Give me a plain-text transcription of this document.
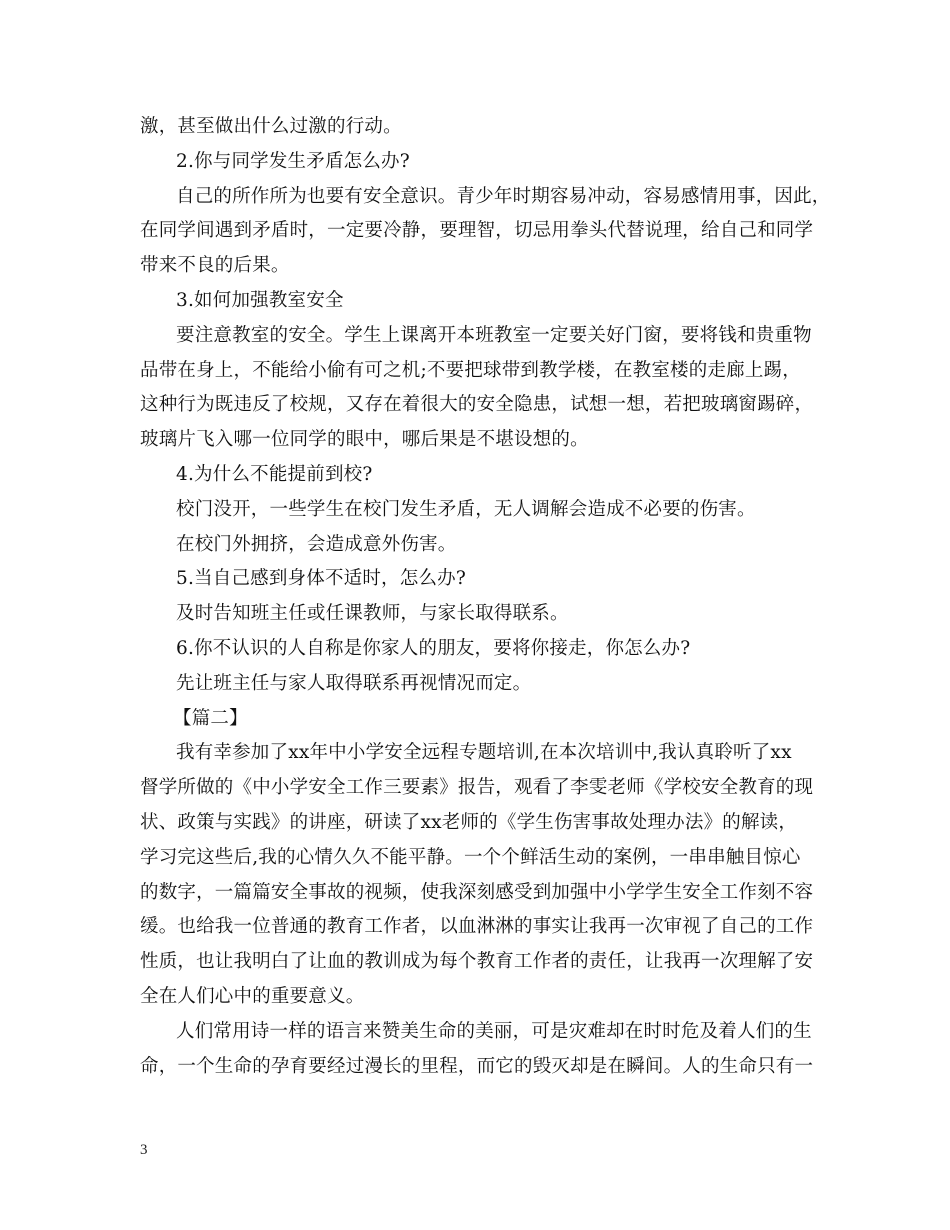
激，甚至做出什么过激的行动。
2.你与同学发生矛盾怎么办?
自己的所作所为也要有安全意识。青少年时期容易冲动，容易感情用事，因此，
在同学间遇到矛盾时，一定要冷静，要理智，切忌用拳头代替说理，给自己和同学
带来不良的后果。
3.如何加强教室安全
要注意教室的安全。学生上课离开本班教室一定要关好门窗，要将钱和贵重物
品带在身上，不能给小偷有可之机;不要把球带到教学楼，在教室楼的走廊上踢，
这种行为既违反了校规，又存在着很大的安全隐患，试想一想，若把玻璃窗踢碎，
玻璃片飞入哪一位同学的眼中，哪后果是不堪设想的。
4.为什么不能提前到校?
校门没开，一些学生在校门发生矛盾，无人调解会造成不必要的伤害。
在校门外拥挤，会造成意外伤害。
5.当自己感到身体不适时，怎么办?
及时告知班主任或任课教师，与家长取得联系。
6.你不认识的人自称是你家人的朋友，要将你接走，你怎么办?
先让班主任与家人取得联系再视情况而定。
【篇二】
我有幸参加了xx年中小学安全远程专题培训,在本次培训中,我认真聆听了xx
督学所做的《中小学安全工作三要素》报告，观看了李雯老师《学校安全教育的现
状、政策与实践》的讲座，研读了xx老师的《学生伤害事故处理办法》的解读，
学习完这些后,我的心情久久不能平静。一个个鲜活生动的案例，一串串触目惊心
的数字，一篇篇安全事故的视频，使我深刻感受到加强中小学学生安全工作刻不容
缓。也给我一位普通的教育工作者，以血淋淋的事实让我再一次审视了自己的工作
性质，也让我明白了让血的教训成为每个教育工作者的责任，让我再一次理解了安
全在人们心中的重要意义。
人们常用诗一样的语言来赞美生命的美丽，可是灾难却在时时危及着人们的生
命，一个生命的孕育要经过漫长的里程，而它的毁灭却是在瞬间。人的生命只有一
3
